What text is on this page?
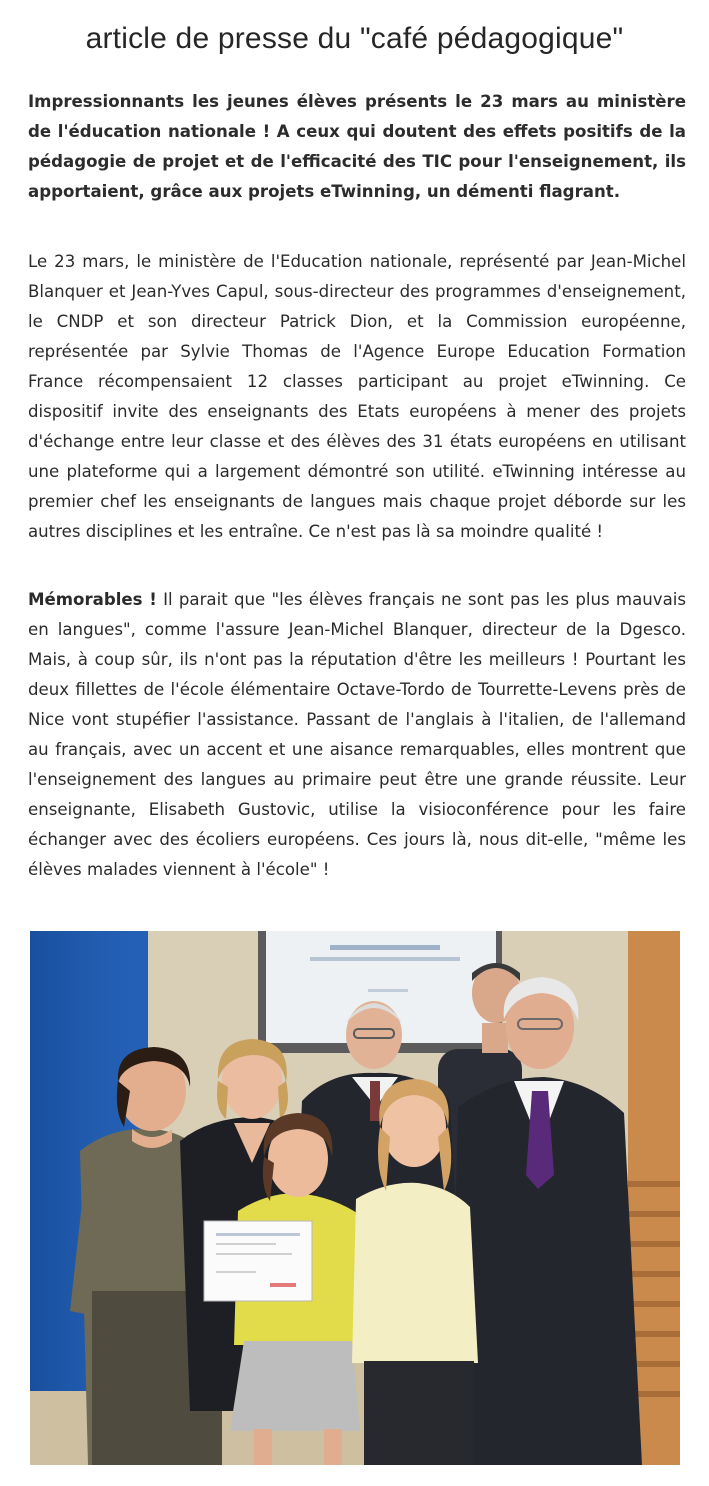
article de presse du "café pédagogique"

Impressionnants les jeunes élèves présents le 23 mars au ministère de l'éducation nationale ! A ceux qui doutent des effets positifs de la pédagogie de projet et de l'efficacité des TIC pour l'enseignement, ils apportaient, grâce aux projets eTwinning, un démenti flagrant.

Le 23 mars, le ministère de l'Education nationale, représenté par Jean-Michel Blanquer et Jean-Yves Capul, sous-directeur des programmes d'enseignement, le CNDP et son directeur Patrick Dion, et la Commission européenne, représentée par Sylvie Thomas de l'Agence Europe Education Formation France récompensaient 12 classes participant au projet eTwinning. Ce dispositif invite des enseignants des Etats européens à mener des projets d'échange entre leur classe et des élèves des 31 états européens en utilisant une plateforme qui a largement démontré son utilité. eTwinning intéresse au premier chef les enseignants de langues mais chaque projet déborde sur les autres disciplines et les entraîne. Ce n'est pas là sa moindre qualité !

Mémorables ! Il parait que "les élèves français ne sont pas les plus mauvais en langues", comme l'assure Jean-Michel Blanquer, directeur de la Dgesco. Mais, à coup sûr, ils n'ont pas la réputation d'être les meilleurs ! Pourtant les deux fillettes de l'école élémentaire Octave-Tordo de Tourrette-Levens près de Nice vont stupéfier l'assistance. Passant de l'anglais à l'italien, de l'allemand au français, avec un accent et une aisance remarquables, elles montrent que l'enseignement des langues au primaire peut être une grande réussite. Leur enseignante, Elisabeth Gustovic, utilise la visioconférence pour les faire échanger avec des écoliers européens. Ces jours là, nous dit-elle, "même les élèves malades viennent à l'école" !
